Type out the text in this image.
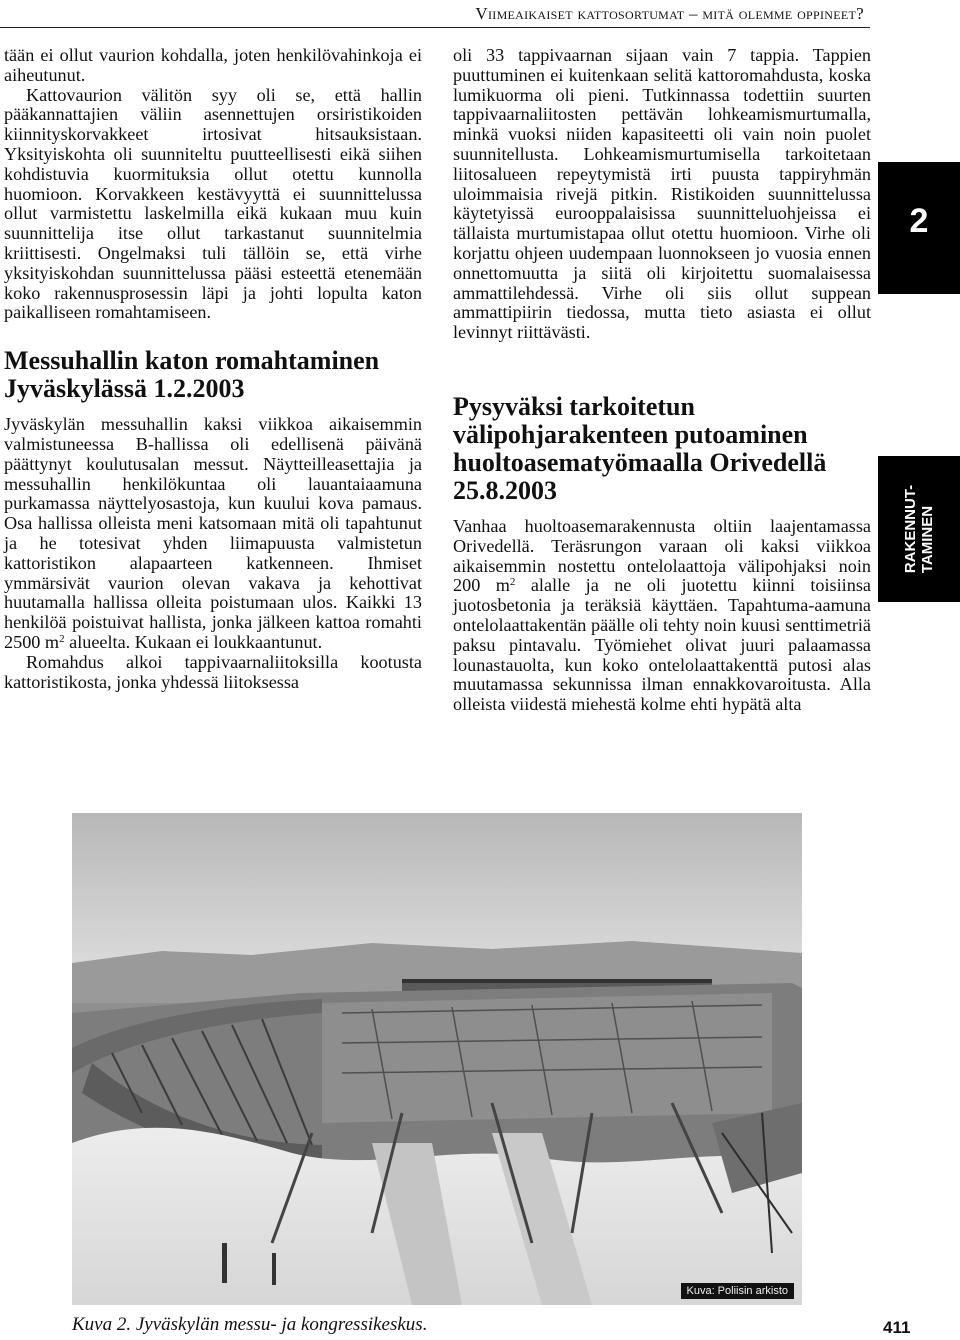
Viimeaikaiset kattosortumat – mitä olemme oppineet?

tään ei ollut vaurion kohdalla, joten henkilövahinkoja ei aiheutunut.

Kattovaurion välitön syy oli se, että hallin pääkannattajien väliin asennettujen orsiristikoiden kiinnityskorvakkeet irtosivat hitsauksistaan. Yksityiskohta oli suunniteltu puutteellisesti eikä siihen kohdistuvia kuormituksia ollut otettu kunnolla huomioon. Korvakkeen kestävyyttä ei suunnittelussa ollut varmistettu laskelmilla eikä kukaan muu kuin suunnittelija itse ollut tarkastanut suunnitelmia kriittisesti. Ongelmaksi tuli tällöin se, että virhe yksityiskohdan suunnittelussa pääsi esteettä etenemään koko rakennusprosessin läpi ja johti lopulta katon paikalliseen romahtamiseen.

Messuhallin katon romahtaminen Jyväskylässä 1.2.2003

Jyväskylän messuhallin kaksi viikkoa aikaisemmin valmistuneessa B-hallissa oli edellisenä päivänä päättynyt koulutusalan messut. Näytteilleasettajia ja messuhallin henkilökuntaa oli lauantaiaamuna purkamassa näyttelyosastoja, kun kuului kova pamaus. Osa hallissa olleista meni katsomaan mitä oli tapahtunut ja he totesivat yhden liimapuusta valmistetun kattoristikon alapaarteen katkenneen. Ihmiset ymmärsivät vaurion olevan vakava ja kehottivat huutamalla hallissa olleita poistumaan ulos. Kaikki 13 henkilöä poistuivat hallista, jonka jälkeen kattoa romahti 2500 $m^2$ alueelta. Kukaan ei loukkaantunut.

Romahdus alkoi tappivaarnaliitoksilla kootusta kattoristikosta, jonka yhdessä liitoksessa

oli 33 tappivaarnan sijaan vain 7 tappia. Tappien puuttuminen ei kuitenkaan selitä kattoromahdusta, koska lumikuorma oli pieni. Tutkinnassa todettiin suurten tappivaarnaliitosten pettävän lohkeamismurtumalla, minkä vuoksi niiden kapasiteetti oli vain noin puolet suunnitellusta. Lohkeamismurtumisella tarkoitetaan liitosalueen repeytymistä irti puusta tappiryhmän uloimmaisia rivejä pitkin. Ristikoiden suunnittelussa käytetyissä eurooppalaisissa suunnitteluohjeissa ei tällaista murtumistapaa ollut otettu huomioon. Virhe oli korjattu ohjeen uudempaan luonnokseen jo vuosia ennen onnettomuutta ja siitä oli kirjoitettu suomalaisessa ammattilehdessä. Virhe oli siis ollut suppean ammattipiirin tiedossa, mutta tieto asiasta ei ollut levinnyt riittävästi.

Pysyväksi tarkoitetun välipohjarakenteen putoaminen huoltoasematyömaalla Orivedellä 25.8.2003

Vanhaa huoltoasemarakennusta oltiin laajentamassa Orivedellä. Teräsrungon varaan oli kaksi viikkoa aikaisemmin nostettu ontelolaattoja välipohjaksi noin 200 $m^2$ alalle ja ne oli juotettu kiinni toisiinsa juotosbetonia ja teräksiä käyttäen. Tapahtuma-aamuna ontelolaattakentän päälle oli tehty noin kuusi senttimetriä paksu pintavalu. Työmiehet olivat juuri palaamassa lounastauolta, kun koko ontelolaattakenttä putosi alas muutamassa sekunnissa ilman ennakkovaroitusta. Alla olleista viidestä miehestä kolme ehti hypätä alta

2
RAKENNUT- TAMINEN
Kuva: Poliisin arkisto
Kuva 2. Jyväskylän messu- ja kongressikeskus.	411
